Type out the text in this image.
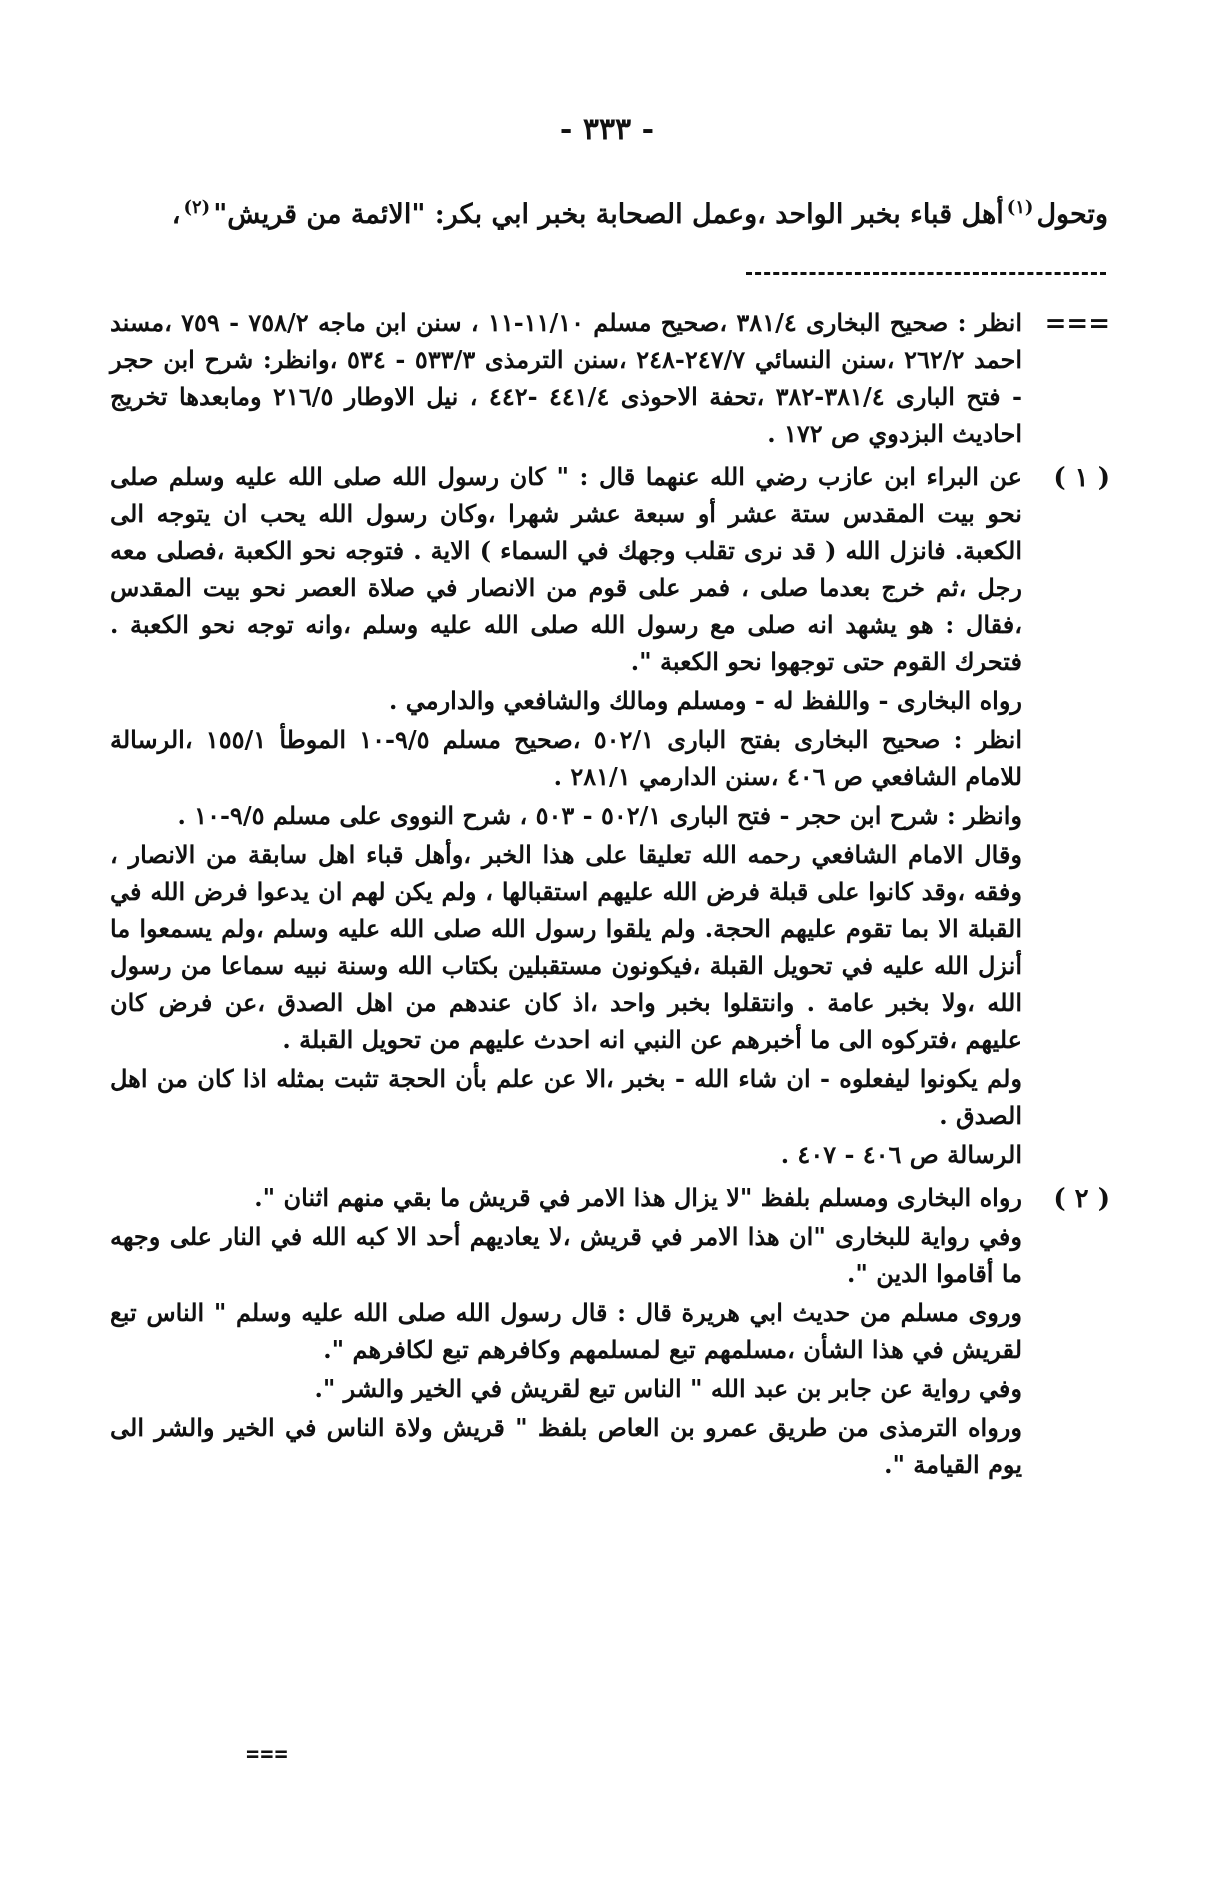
- ٣٣٣ -
وتحول$^{(١)}$أهل قباء بخبر الواحد ،وعمل الصحابة بخبر ابي بكر: "الائمة من قريش"$^{(٢)}$،
===

انظر : صحيح البخارى ٣٨١/٤ ،صحيح مسلم ١١/١٠-١١ ، سنن ابن ماجه ٧٥٨/٢ - ٧٥٩ ،مسند احمد ٢٦٢/٢ ،سنن النسائي ٢٤٧/٧-٢٤٨ ،سنن الترمذى ٥٣٣/٣ - ٥٣٤ ،وانظر: شرح ابن حجر - فتح البارى ٣٨١/٤-٣٨٢ ،تحفة الاحوذى ٤٤١/٤ -٤٤٢ ، نيل الاوطار ٢١٦/٥ ومابعدها تخريج احاديث البزدوي ص ١٧٢ .

( ١ )

عن البراء ابن عازب رضي الله عنهما قال : " كان رسول الله صلى الله عليه وسلم صلى نحو بيت المقدس ستة عشر أو سبعة عشر شهرا ،وكان رسول الله يحب ان يتوجه الى الكعبة. فانزل الله ( قد نرى تقلب وجهك في السماء ) الاية . فتوجه نحو الكعبة ،فصلى معه رجل ،ثم خرج بعدما صلى ، فمر على قوم من الانصار في صلاة العصر نحو بيت المقدس ،فقال : هو يشهد انه صلى مع رسول الله صلى الله عليه وسلم ،وانه توجه نحو الكعبة . فتحرك القوم حتى توجهوا نحو الكعبة ".

رواه البخارى - واللفظ له - ومسلم ومالك والشافعي والدارمي .

انظر : صحيح البخارى بفتح البارى ٥٠٢/١ ،صحيح مسلم ٩/٥-١٠ الموطأ ١٥٥/١ ،الرسالة للامام الشافعي ص ٤٠٦ ،سنن الدارمي ٢٨١/١ .

وانظر : شرح ابن حجر - فتح البارى ٥٠٢/١ - ٥٠٣ ، شرح النووى على مسلم ٩/٥-١٠ .

وقال الامام الشافعي رحمه الله تعليقا على هذا الخبر ،وأهل قباء اهل سابقة من الانصار ، وفقه ،وقد كانوا على قبلة فرض الله عليهم استقبالها ، ولم يكن لهم ان يدعوا فرض الله في القبلة الا بما تقوم عليهم الحجة. ولم يلقوا رسول الله صلى الله عليه وسلم ،ولم يسمعوا ما أنزل الله عليه في تحويل القبلة ،فيكونون مستقبلين بكتاب الله وسنة نبيه سماعا من رسول الله ،ولا بخبر عامة . وانتقلوا بخبر واحد ،اذ كان عندهم من اهل الصدق ،عن فرض كان عليهم ،فتركوه الى ما أخبرهم عن النبي انه احدث عليهم من تحويل القبلة .

ولم يكونوا ليفعلوه - ان شاء الله - بخبر ،الا عن علم بأن الحجة تثبت بمثله اذا كان من اهل الصدق .

الرسالة ص ٤٠٦ - ٤٠٧ .

( ٢ )

رواه البخارى ومسلم بلفظ "لا يزال هذا الامر في قريش ما بقي منهم اثنان ".

وفي رواية للبخارى "ان هذا الامر في قريش ،لا يعاديهم أحد الا كبه الله في النار على وجهه ما أقاموا الدين ".

وروى مسلم من حديث ابي هريرة قال : قال رسول الله صلى الله عليه وسلم " الناس تبع لقريش في هذا الشأن ،مسلمهم تبع لمسلمهم وكافرهم تبع لكافرهم ".

وفي رواية عن جابر بن عبد الله " الناس تبع لقريش في الخير والشر ".

ورواه الترمذى من طريق عمرو بن العاص بلفظ " قريش ولاة الناس في الخير والشر الى يوم القيامة ".

===
